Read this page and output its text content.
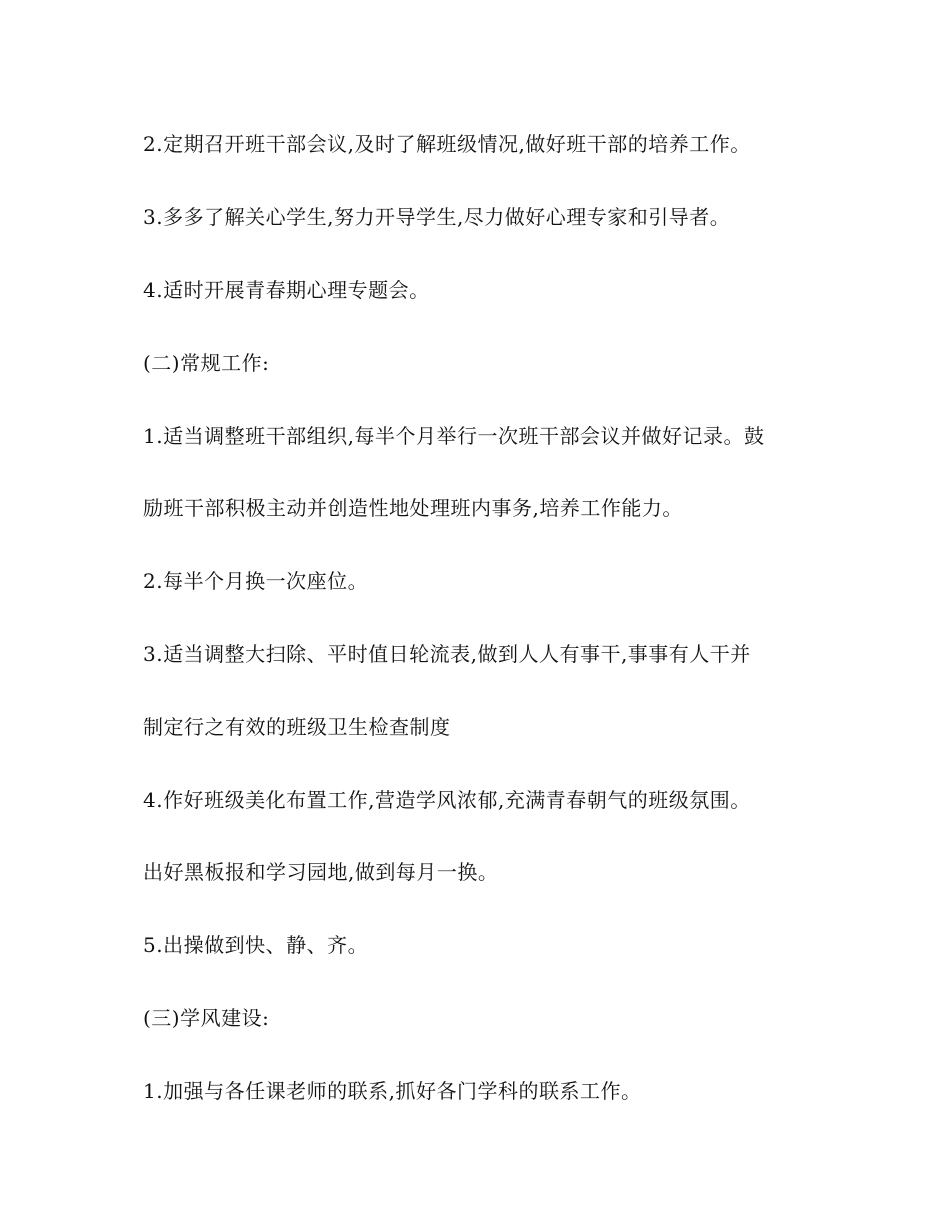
2.定期召开班干部会议,及时了解班级情况,做好班干部的培养工作。
3.多多了解关心学生,努力开导学生,尽力做好心理专家和引导者。
4.适时开展青春期心理专题会。
(二)常规工作:
1.适当调整班干部组织,每半个月举行一次班干部会议并做好记录。鼓
励班干部积极主动并创造性地处理班内事务,培养工作能力。
2.每半个月换一次座位。
3.适当调整大扫除、平时值日轮流表,做到人人有事干,事事有人干并
制定行之有效的班级卫生检查制度
4.作好班级美化布置工作,营造学风浓郁,充满青春朝气的班级氛围。
出好黑板报和学习园地,做到每月一换。
5.出操做到快、静、齐。
(三)学风建设:
1.加强与各任课老师的联系,抓好各门学科的联系工作。
